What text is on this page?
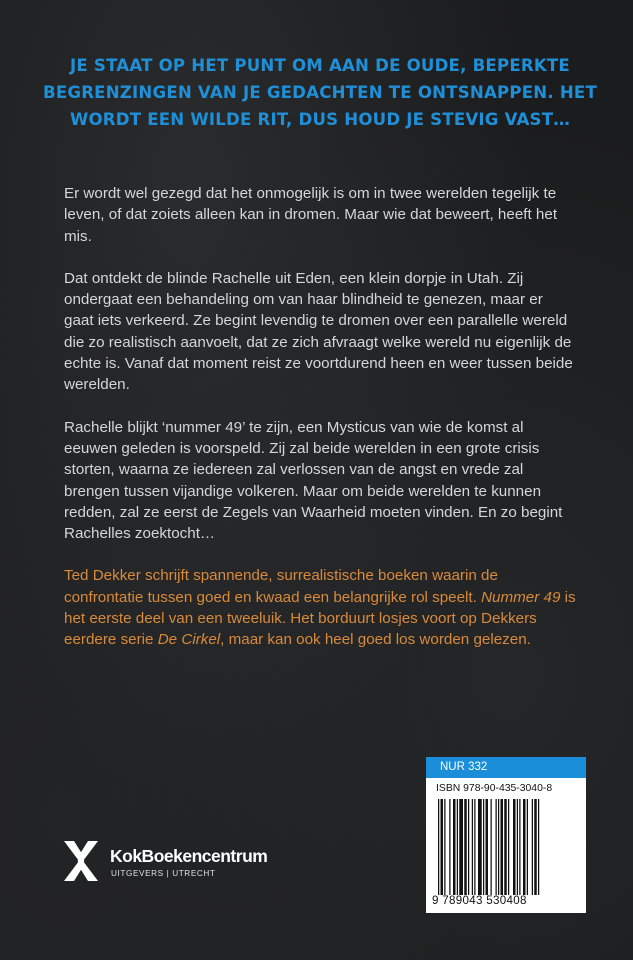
JE STAAT OP HET PUNT OM AAN DE OUDE, BEPERKTE
BEGRENZINGEN VAN JE GEDACHTEN TE ONTSNAPPEN. HET
WORDT EEN WILDE RIT, DUS HOUD JE STEVIG VAST…

Er wordt wel gezegd dat het onmogelijk is om in twee werelden tegelijk te leven, of dat zoiets alleen kan in dromen. Maar wie dat beweert, heeft het mis.

Dat ontdekt de blinde Rachelle uit Eden, een klein dorpje in Utah. Zij ondergaat een behandeling om van haar blindheid te genezen, maar er gaat iets verkeerd. Ze begint levendig te dromen over een parallelle wereld die zo realistisch aanvoelt, dat ze zich afvraagt welke wereld nu eigenlijk de echte is. Vanaf dat moment reist ze voortdurend heen en weer tussen beide werelden.

Rachelle blijkt ‘nummer 49’ te zijn, een Mysticus van wie de komst al eeuwen geleden is voorspeld. Zij zal beide werelden in een grote crisis storten, waarna ze iedereen zal verlossen van de angst en vrede zal brengen tussen vijandige volkeren. Maar om beide werelden te kunnen redden, zal ze eerst de Zegels van Waarheid moeten vinden. En zo begint Rachelles zoektocht…

Ted Dekker schrijft spannende, surrealistische boeken waarin de confrontatie tussen goed en kwaad een belangrijke rol speelt. Nummer 49 is het eerste deel van een tweeluik. Het borduurt losjes voort op Dekkers eerdere serie De Cirkel, maar kan ook heel goed los worden gelezen.

KokBoekencentrum
UITGEVERS | UTRECHT
NUR 332
ISBN 978-90-435-3040-8
9 789043 530408
